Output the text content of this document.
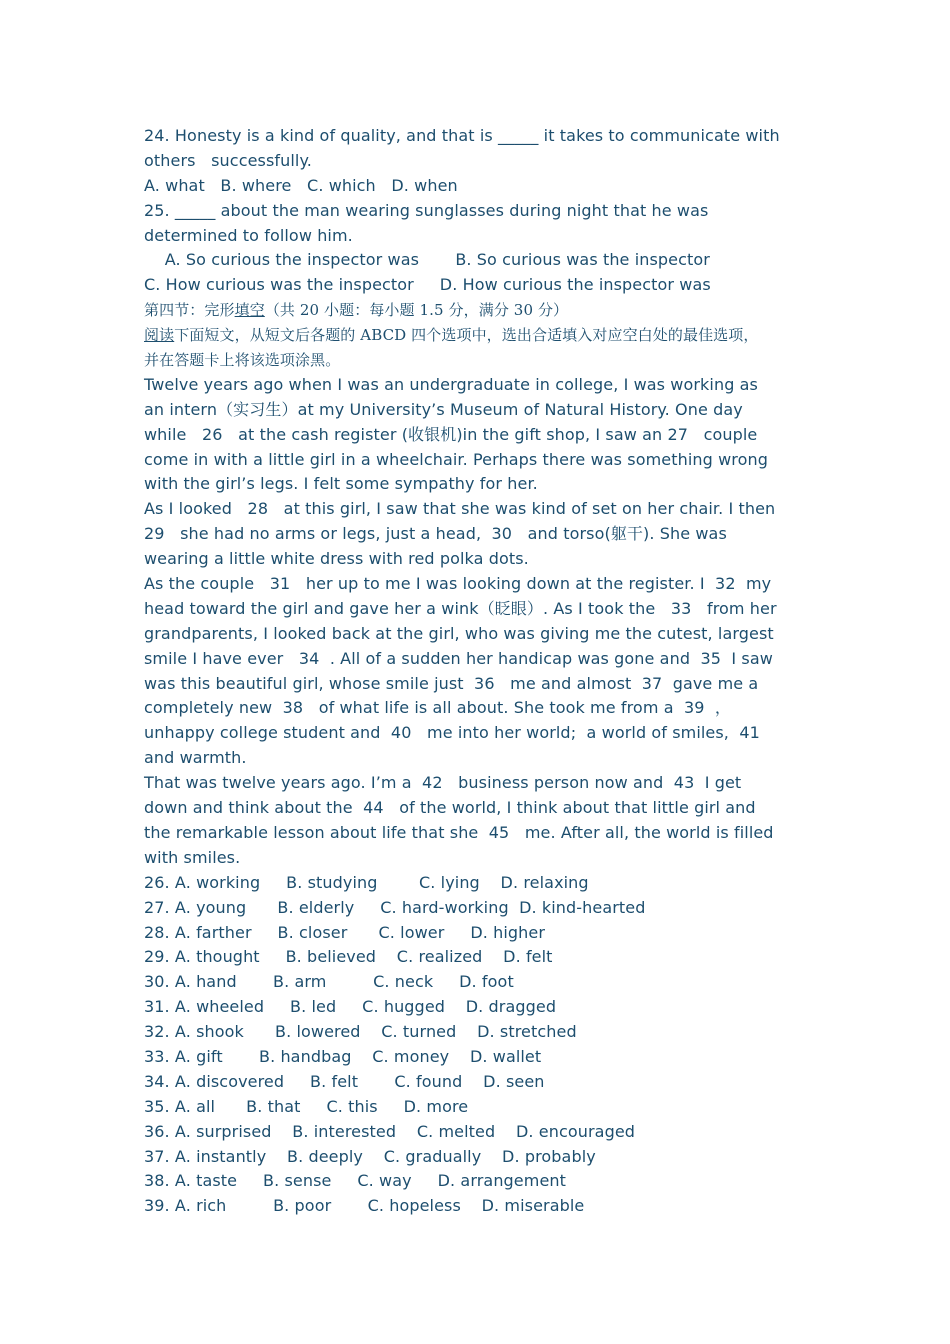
24. Honesty is a kind of quality, and that is _____ it takes to communicate with
others   successfully.
A. what   B. where   C. which   D. when
25. _____ about the man wearing sunglasses during night that he was
determined to follow him.
A. So curious the inspector was       B. So curious was the inspector
C. How curious was the inspector     D. How curious the inspector was
第四节：完形填空（共 20 小题：每小题 1.5 分，满分 30 分）
阅读下面短文，从短文后各题的 ABCD 四个选项中，选出合适填入对应空白处的最佳选项，
并在答题卡上将该选项涂黑。
Twelve years ago when I was an undergraduate in college, I was working as
an intern（实习生）at my University’s Museum of Natural History. One day
while   26   at the cash register (收银机)in the gift shop, I saw an 27   couple
come in with a little girl in a wheelchair. Perhaps there was something wrong
with the girl’s legs. I felt some sympathy for her.
As I looked   28   at this girl, I saw that she was kind of set on her chair. I then
29   she had no arms or legs, just a head,  30   and torso(躯干). She was
wearing a little white dress with red polka dots.
As the couple   31   her up to me I was looking down at the register. I  32  my
head toward the girl and gave her a wink（眨眼）. As I took the   33   from her
grandparents, I looked back at the girl, who was giving me the cutest, largest
smile I have ever   34  . All of a sudden her handicap was gone and  35  I saw
was this beautiful girl, whose smile just  36   me and almost  37  gave me a
completely new  38   of what life is all about. She took me from a  39  ，
unhappy college student and  40   me into her world;  a world of smiles,  41
and warmth.
That was twelve years ago. I’m a  42   business person now and  43  I get
down and think about the  44   of the world, I think about that little girl and
the remarkable lesson about life that she  45   me. After all, the world is filled
with smiles.
26. A. working     B. studying        C. lying    D. relaxing
27. A. young      B. elderly     C. hard-working  D. kind-hearted
28. A. farther     B. closer      C. lower     D. higher
29. A. thought     B. believed    C. realized    D. felt
30. A. hand       B. arm         C. neck     D. foot
31. A. wheeled     B. led     C. hugged    D. dragged
32. A. shook      B. lowered    C. turned    D. stretched
33. A. gift       B. handbag    C. money    D. wallet
34. A. discovered     B. felt       C. found    D. seen
35. A. all      B. that     C. this     D. more
36. A. surprised    B. interested    C. melted    D. encouraged
37. A. instantly    B. deeply    C. gradually    D. probably
38. A. taste     B. sense     C. way     D. arrangement
39. A. rich         B. poor       C. hopeless    D. miserable
